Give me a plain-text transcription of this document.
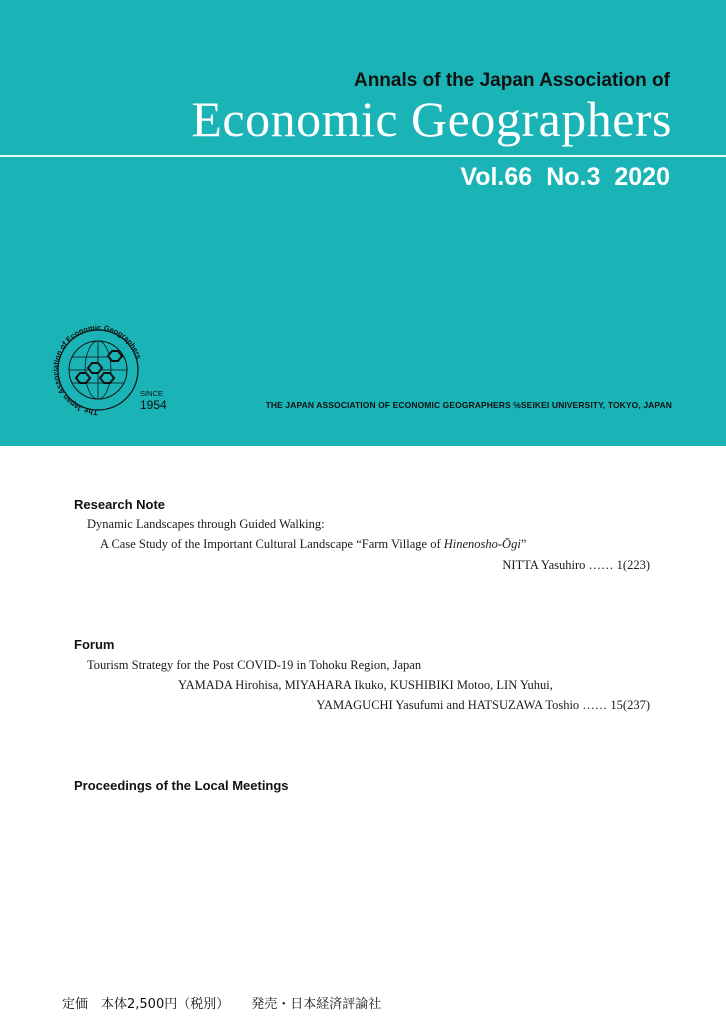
Annals of the Japan Association of
Economic Geographers
Vol.66 No.3 2020
The Japan Association of Economic Geographers
SINCE
1954	THE JAPAN ASSOCIATION OF ECONOMIC GEOGRAPHERS ℅SEIKEI UNIVERSITY, TOKYO, JAPAN
Research Note
Dynamic Landscapes through Guided Walking:
A Case Study of the Important Cultural Landscape “Farm Village of Hinenosho-Ōgi”
NITTA Yasuhiro …… 1(223)
Forum
Tourism Strategy for the Post COVID-19 in Tohoku Region, Japan
YAMADA Hirohisa, MIYAHARA Ikuko, KUSHIBIKI Motoo, LIN Yuhui,
YAMAGUCHI Yasufumi and HATSUZAWA Toshio …… 15(237)
Proceedings of the Local Meetings
定価　本体2,500円（税別） 発売・日本経済評論社
